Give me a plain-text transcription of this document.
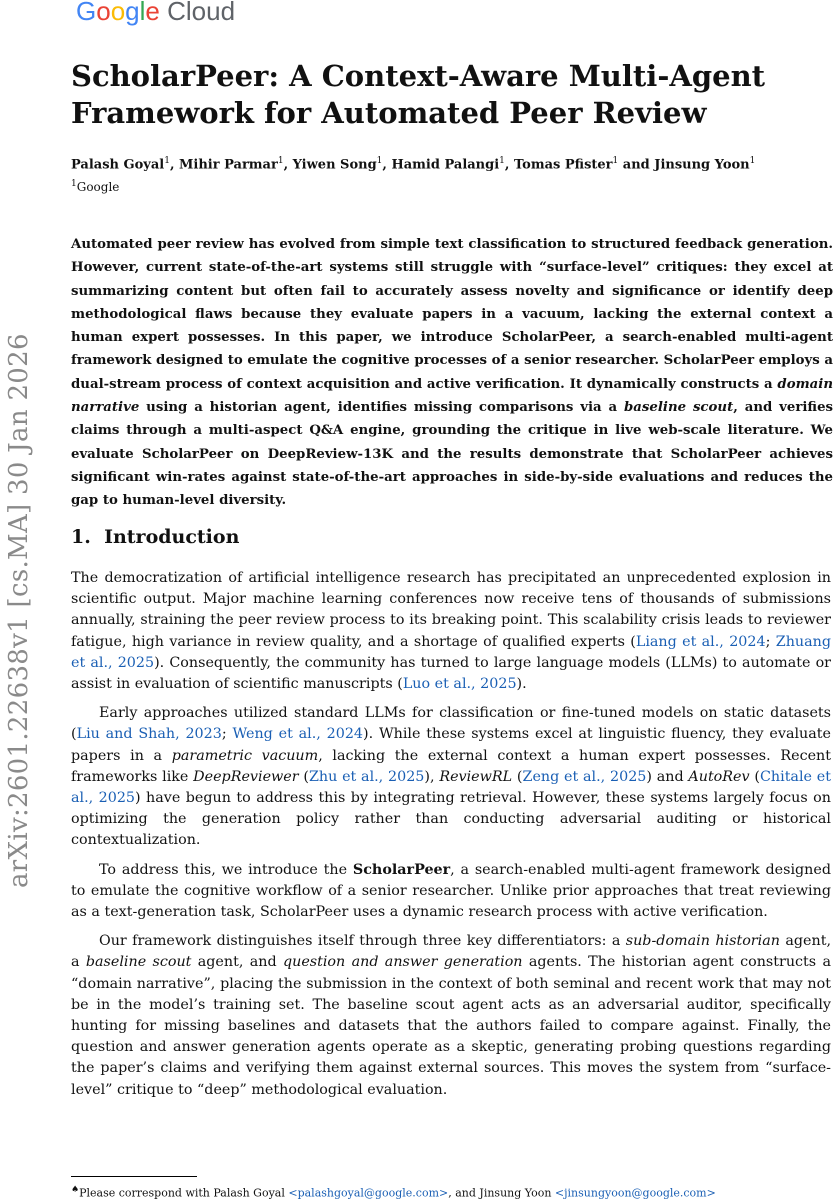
Google Cloud
arXiv:2601.22638v1 [cs.MA] 30 Jan 2026
ScholarPeer: A Context-Aware Multi-Agent Framework for Automated Peer Review
Palash Goyal$^1$, Mihir Parmar$^1$, Yiwen Song$^1$, Hamid Palangi$^1$, Tomas Pfister$^1$ and Jinsung Yoon$^1$
$^1$Google

Automated peer review has evolved from simple text classification to structured feedback generation. However, current state-of-the-art systems still struggle with “surface-level” critiques: they excel at summarizing content but often fail to accurately assess novelty and significance or identify deep methodological flaws because they evaluate papers in a vacuum, lacking the external context a human expert possesses. In this paper, we introduce ScholarPeer, a search-enabled multi-agent framework designed to emulate the cognitive processes of a senior researcher. ScholarPeer employs a dual-stream process of context acquisition and active verification. It dynamically constructs a domain narrative using a historian agent, identifies missing comparisons via a baseline scout, and verifies claims through a multi-aspect Q&A engine, grounding the critique in live web-scale literature. We evaluate ScholarPeer on DeepReview-13K and the results demonstrate that ScholarPeer achieves significant win-rates against state-of-the-art approaches in side-by-side evaluations and reduces the gap to human-level diversity.

1. Introduction

The democratization of artificial intelligence research has precipitated an unprecedented explosion in scientific output. Major machine learning conferences now receive tens of thousands of submissions annually, straining the peer review process to its breaking point. This scalability crisis leads to reviewer fatigue, high variance in review quality, and a shortage of qualified experts (Liang et al., 2024; Zhuang et al., 2025). Consequently, the community has turned to large language models (LLMs) to automate or assist in evaluation of scientific manuscripts (Luo et al., 2025).

Early approaches utilized standard LLMs for classification or fine-tuned models on static datasets (Liu and Shah, 2023; Weng et al., 2024). While these systems excel at linguistic fluency, they evaluate papers in a parametric vacuum, lacking the external context a human expert possesses. Recent frameworks like DeepReviewer (Zhu et al., 2025), ReviewRL (Zeng et al., 2025) and AutoRev (Chitale et al., 2025) have begun to address this by integrating retrieval. However, these systems largely focus on optimizing the generation policy rather than conducting adversarial auditing or historical contextualization.

To address this, we introduce the ScholarPeer, a search-enabled multi-agent framework designed to emulate the cognitive workflow of a senior researcher. Unlike prior approaches that treat reviewing as a text-generation task, ScholarPeer uses a dynamic research process with active verification.

Our framework distinguishes itself through three key differentiators: a sub-domain historian agent, a baseline scout agent, and question and answer generation agents. The historian agent constructs a “domain narrative”, placing the submission in the context of both seminal and recent work that may not be in the model’s training set. The baseline scout agent acts as an adversarial auditor, specifically hunting for missing baselines and datasets that the authors failed to compare against. Finally, the question and answer generation agents operate as a skeptic, generating probing questions regarding the paper’s claims and verifying them against external sources. This moves the system from “surface-level” critique to “deep” methodological evaluation.

♠Please correspond with Palash Goyal <palashgoyal@google.com>, and Jinsung Yoon <jinsungyoon@google.com>
